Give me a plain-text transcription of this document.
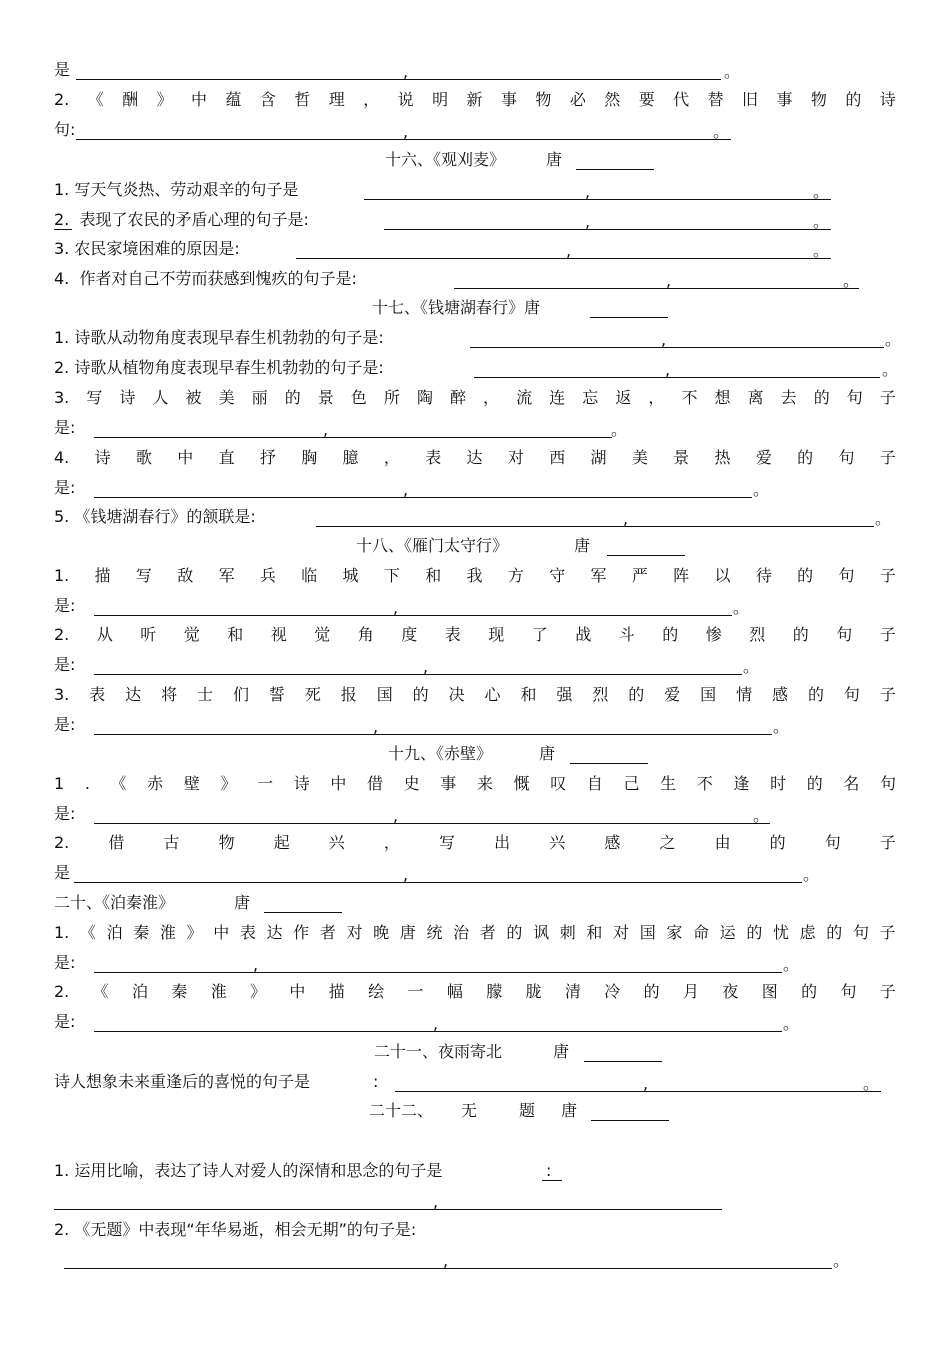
是	,	。
2. 《 酬 》 中 蕴 含 哲 理 ， 说 明 新 事 物 必 然 要 代 替 旧 事 物 的 诗
句:	,	。
十六、《观刈麦》	唐
1. 写天气炎热、劳动艰辛的句子是	,	。
2.  表现了农民的矛盾心理的句子是:	,	。
3. 农民家境困难的原因是:	,	。
4.  作者对自己不劳而获感到愧疚的句子是:	,	。
十七、《钱塘湖春行》唐
1. 诗歌从动物角度表现早春生机勃勃的句子是:	,	。
2. 诗歌从植物角度表现早春生机勃勃的句子是:	,	。
3. 写 诗 人 被 美 丽 的 景 色 所 陶 醉 ， 流 连 忘 返 ， 不 想 离 去 的 句 子
是:	,	。
4. 诗 歌 中 直 抒 胸 臆 ， 表 达 对 西 湖 美 景 热 爱 的 句 子
是:	,	。
5. 《钱塘湖春行》的颔联是:	,	。
十八、《雁门太守行》	唐
1. 描 写 敌 军 兵 临 城 下 和 我 方 守 军 严 阵 以 待 的 句 子
是:	,	。
2. 从 听 觉 和 视 觉 角 度 表 现 了 战 斗 的 惨 烈 的 句 子
是:	,	。
3. 表 达 将 士 们 誓 死 报 国 的 决 心 和 强 烈 的 爱 国 情 感 的 句 子
是:	,	。
十九、《赤壁》	唐
1 . 《 赤 壁 》 一 诗 中 借 史 事 来 慨 叹 自 己 生 不 逢 时 的 名 句
是:	,	。
2. 借 古 物 起 兴 ， 写 出 兴 感 之 由 的 句 子
是	,	。
二十、《泊秦淮》	唐
1. 《 泊 秦 淮 》 中 表 达 作 者 对 晚 唐 统 治 者 的 讽 刺 和 对 国 家 命 运 的 忧 虑 的 句 子
是:	,	。
2. 《 泊 秦 淮 》 中 描 绘 一 幅 朦 胧 清 冷 的 月 夜 图 的 句 子
是:	,	。
二十一、夜雨寄北	唐
诗人想象未来重逢后的喜悦的句子是	:	,	。
二十二、 无	题 唐
1. 运用比喻，表达了诗人对爱人的深情和思念的句子是	:
,
2. 《无题》中表现“年华易逝，相会无期”的句子是:
,	。
